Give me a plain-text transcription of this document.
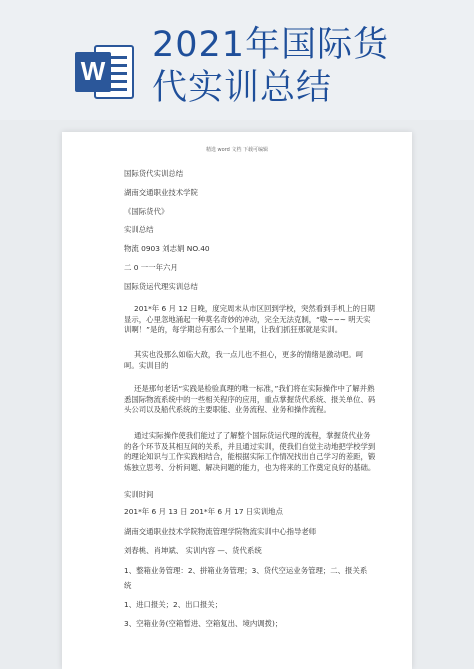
W
2021年国际货
代实训总结
精选 word 文档 下载可编辑
国际货代实训总结
湖南交通职业技术学院
《国际货代》
实训总结
物流 0903 刘志娟 NO.40
二 0 一一年六月
国际货运代理实训总结
201*年 6 月 12 日晚，度完周末从市区回到学校，突然看到手机上的日期显示，心里忽地涌起一种莫名奇妙的冲动，完全无法克制，“嗷~~~ 明天实训啊！”是的，每学期总有那么一个星期，让我们抓狂那就是实训。
其实也没那么如临大敌，我一点儿也不担心，更多的情绪是激动吧。呵呵。实训目的
还是那句老话“实践是检验真理的唯一标准，”我们将在实际操作中了解并熟悉国际物流系统中的一些相关程序的应用，重点掌握货代系统、报关单位、码头公司以及船代系统的主要职能、业务流程、业务和操作流程。
通过实际操作使我们能过了了解整个国际货运代理的流程，掌握货代业务的各个环节及其相互间的关系，并且通过实训，使我们自觉主动地把学校学到的理论知识与工作实践相结合，能根据实际工作情况找出自己学习的差距，锻炼独立思考、分析问题、解决问题的能力，也为将来的工作奠定良好的基础。
实训时间
201*年 6 月 13 日 201*年 6 月 17 日实训地点
湖南交通职业技术学院物流管理学院物流实训中心指导老师
刘春桃、肖坤斌、 实训内容 —、货代系统
1、整箱业务管理：2、拼箱业务管理；3、货代空运业务管理；二、报关系
统
1、进口报关；2、出口报关；
3、空箱业务(空箱暂进、空箱复出、境内调拨)；
